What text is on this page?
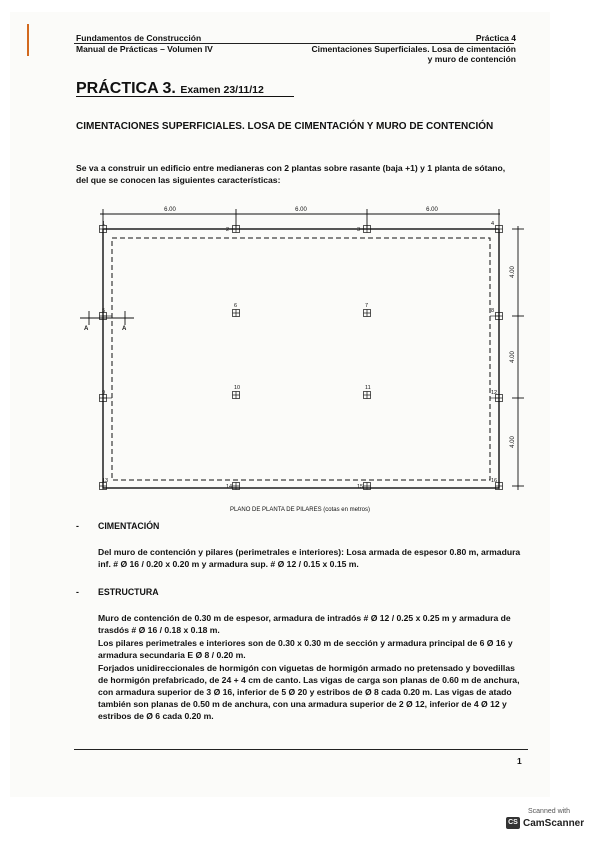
Fundamentos de Construcción
Manual de Prácticas – Volumen IV
Práctica 4
Cimentaciones Superficiales. Losa de cimentación
y muro de contención
PRÁCTICA 3. Examen 23/11/12
CIMENTACIONES SUPERFICIALES. LOSA DE CIMENTACIÓN Y MURO DE CONTENCIÓN
Se va a construir un edificio entre medianeras con 2 plantas sobre rasante (baja +1) y 1 planta de sótano, del que se conocen las siguientes características:
6.00	6.00	6.00
4.00
4.00
4.00
A	A
1
2	3
4
5
6	7
8
9
10	11
12
13
14	15
16
PLANO DE PLANTA DE PILARES (cotas en metros)
- CIMENTACIÓN
Del muro de contención y pilares (perimetrales e interiores): Losa armada de espesor 0.80 m, armadura inf. # Ø 16 / 0.20 x 0.20 m y armadura sup. # Ø 12 / 0.15 x 0.15 m.
- ESTRUCTURA
Muro de contención de 0.30 m de espesor, armadura de intradós # Ø 12 / 0.25 x 0.25 m y armadura de trasdós # Ø 16 / 0.18 x 0.18 m.
Los pilares perimetrales e interiores son de 0.30 x 0.30 m de sección y armadura principal de 6 Ø 16 y armadura secundaria E Ø 8 / 0.20 m.
Forjados unidireccionales de hormigón con viguetas de hormigón armado no pretensado y bovedillas de hormigón prefabricado, de 24 + 4 cm de canto. Las vigas de carga son planas de 0.60 m de anchura, con armadura superior de 3 Ø 16, inferior de 5 Ø 20 y estribos de Ø 8 cada 0.20 m. Las vigas de atado también son planas de 0.50 m de anchura, con una armadura superior de 2 Ø 12, inferior de 4 Ø 12 y estribos de Ø 6 cada 0.20 m.
1
Scanned with
CS CamScanner
